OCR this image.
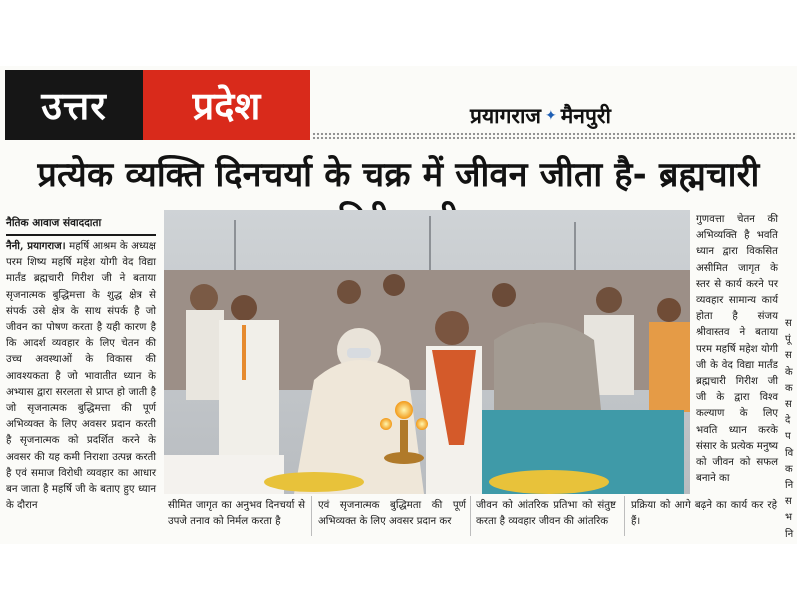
उत्तर	प्रदेश	प्रयागराज ✦ मैनपुरी
प्रत्येक व्यक्ति दिनचर्या के चक्र में जीवन जीता है- ब्रह्मचारी
नैतिक आवाज संवाददाता

नैनी, प्रयागराज। महर्षि आश्रम के अध्यक्ष परम शिष्य महर्षि महेश योगी वेद विद्या मार्तंड ब्रह्मचारी गिरीश जी ने बताया सृजनात्मक बुद्धिमत्ता के शुद्ध क्षेत्र से संपर्क उसे क्षेत्र के साथ संपर्क है जो जीवन का पोषण करता है यही कारण है कि आदर्श व्यवहार के लिए चेतन की उच्च अवस्थाओं के विकास की आवश्यकता है जो भावातीत ध्यान के अभ्यास द्वारा सरलता से प्राप्त हो जाती है जो सृजनात्मक बुद्धिमत्ता की पूर्ण अभिव्यक्त के लिए अवसर प्रदान करती है सृजनात्मक को प्रदर्शित करने के अवसर की यह कमी निराशा उत्पन्न करती है एवं समाज विरोधी व्यवहार का आधार बन जाता है महर्षि जी के बताए हुए ध्यान के दौरान

गुणवत्ता चेतन की अभिव्यक्ति है भवति ध्यान द्वारा विकसित असीमित जागृत के स्तर से कार्य करने पर व्यवहार सामान्य कार्य होता है संजय श्रीवास्तव ने बताया परम महर्षि महेश योगी जी के वेद विद्या मार्तंड ब्रह्मचारी गिरीश जी जी के द्वारा विश्व कल्याण के लिए भवति ध्यान करके संसार के प्रत्येक मनुष्य को जीवन को सफल बनाने का

स पूं स के क स दे प वि क नि स भ नि

सीमित जागृत का अनुभव दिनचर्या से उपजे तनाव को निर्मल करता है
एवं सृजनात्मक बुद्धिमता की पूर्ण अभिव्यक्त के लिए अवसर प्रदान कर
जीवन को आंतरिक प्रतिभा को संतुष्ट करता है व्यवहार जीवन की आंतरिक
प्रक्रिया को आगे बढ़ने का कार्य कर रहे हैं।
